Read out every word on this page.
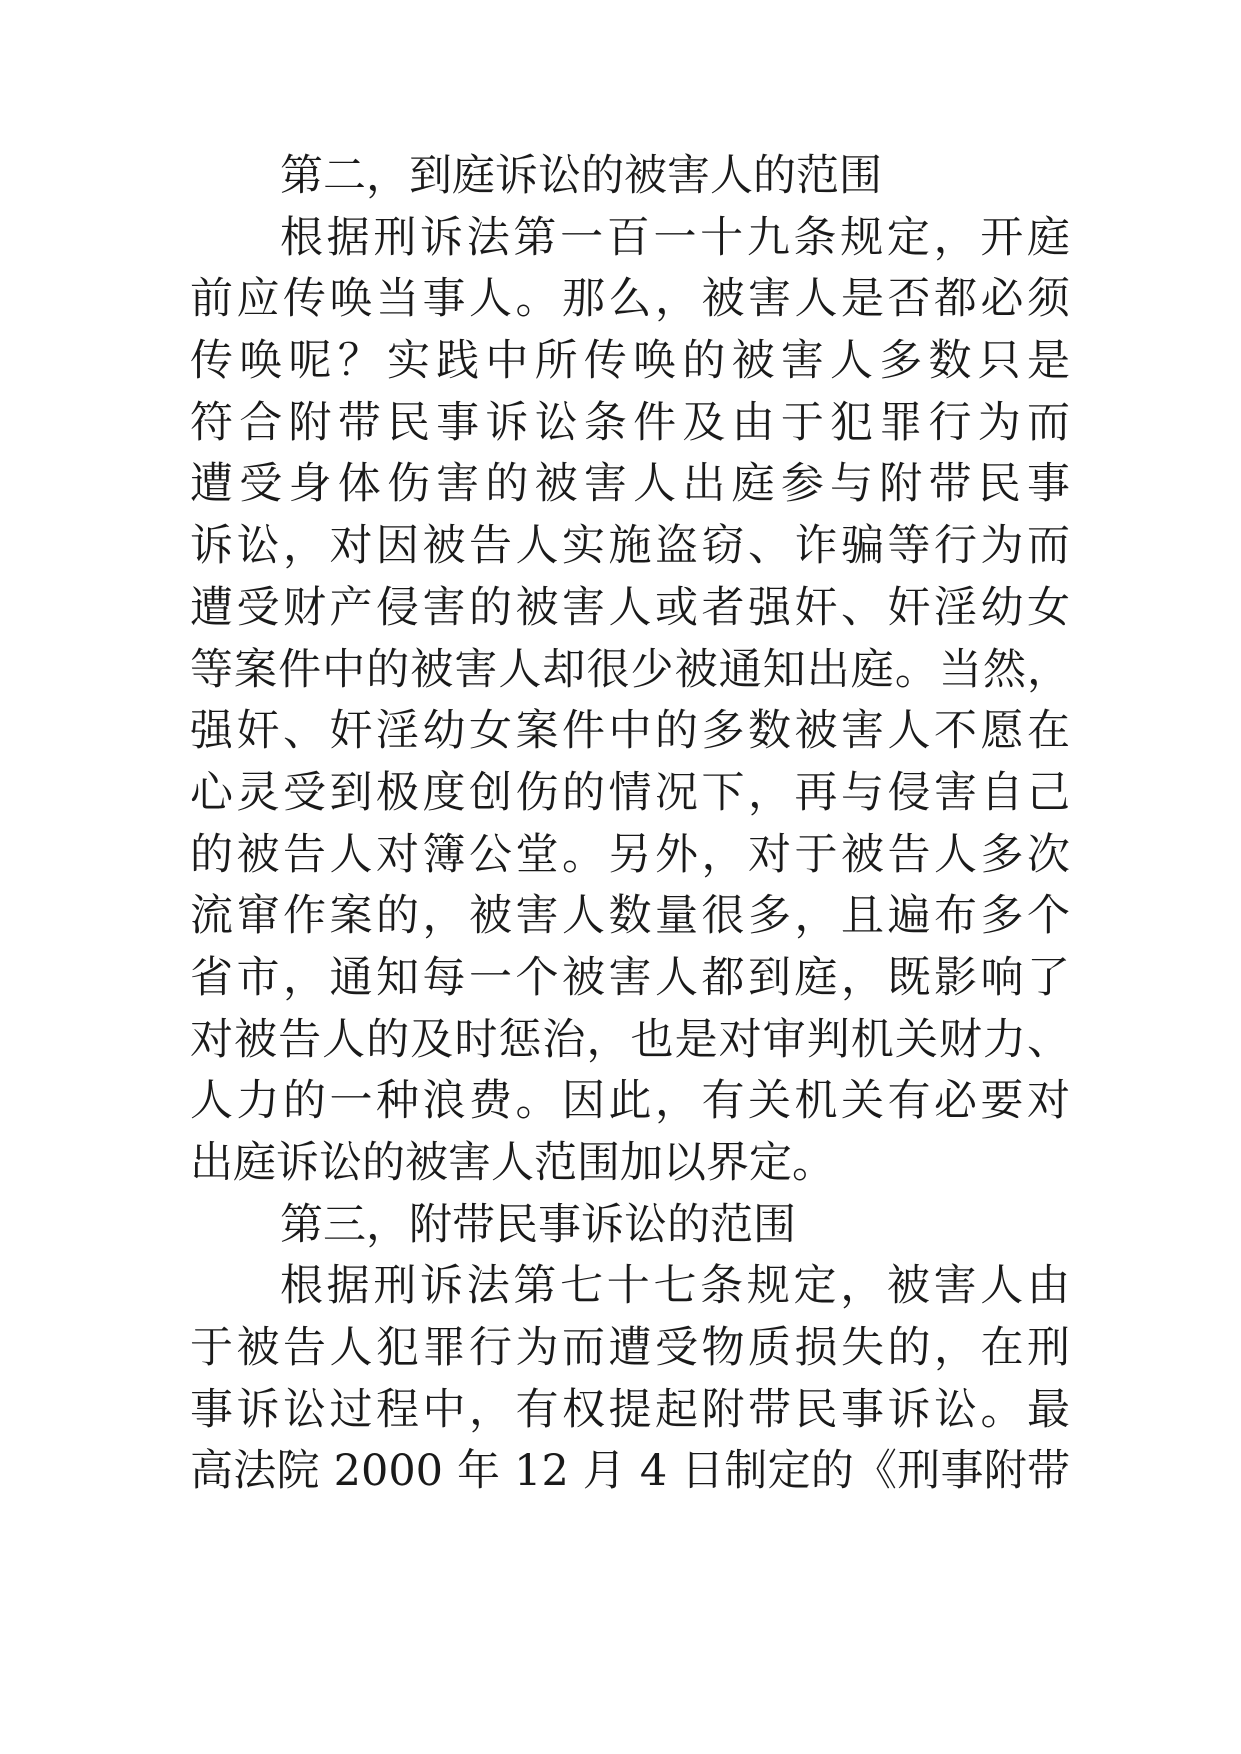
第二，到庭诉讼的被害人的范围
根据刑诉法第一百一十九条规定，开庭
前应传唤当事人。那么，被害人是否都必须
传唤呢？实践中所传唤的被害人多数只是
符合附带民事诉讼条件及由于犯罪行为而
遭受身体伤害的被害人出庭参与附带民事
诉讼，对因被告人实施盗窃、诈骗等行为而
遭受财产侵害的被害人或者强奸、奸淫幼女
等案件中的被害人却很少被通知出庭。当然，
强奸、奸淫幼女案件中的多数被害人不愿在
心灵受到极度创伤的情况下，再与侵害自己
的被告人对簿公堂。另外，对于被告人多次
流窜作案的，被害人数量很多，且遍布多个
省市，通知每一个被害人都到庭，既影响了
对被告人的及时惩治，也是对审判机关财力、
人力的一种浪费。因此，有关机关有必要对
出庭诉讼的被害人范围加以界定。
第三，附带民事诉讼的范围
根据刑诉法第七十七条规定，被害人由
于被告人犯罪行为而遭受物质损失的，在刑
事诉讼过程中，有权提起附带民事诉讼。最
高法院 2000 年 12 月 4 日制定的《刑事附带
